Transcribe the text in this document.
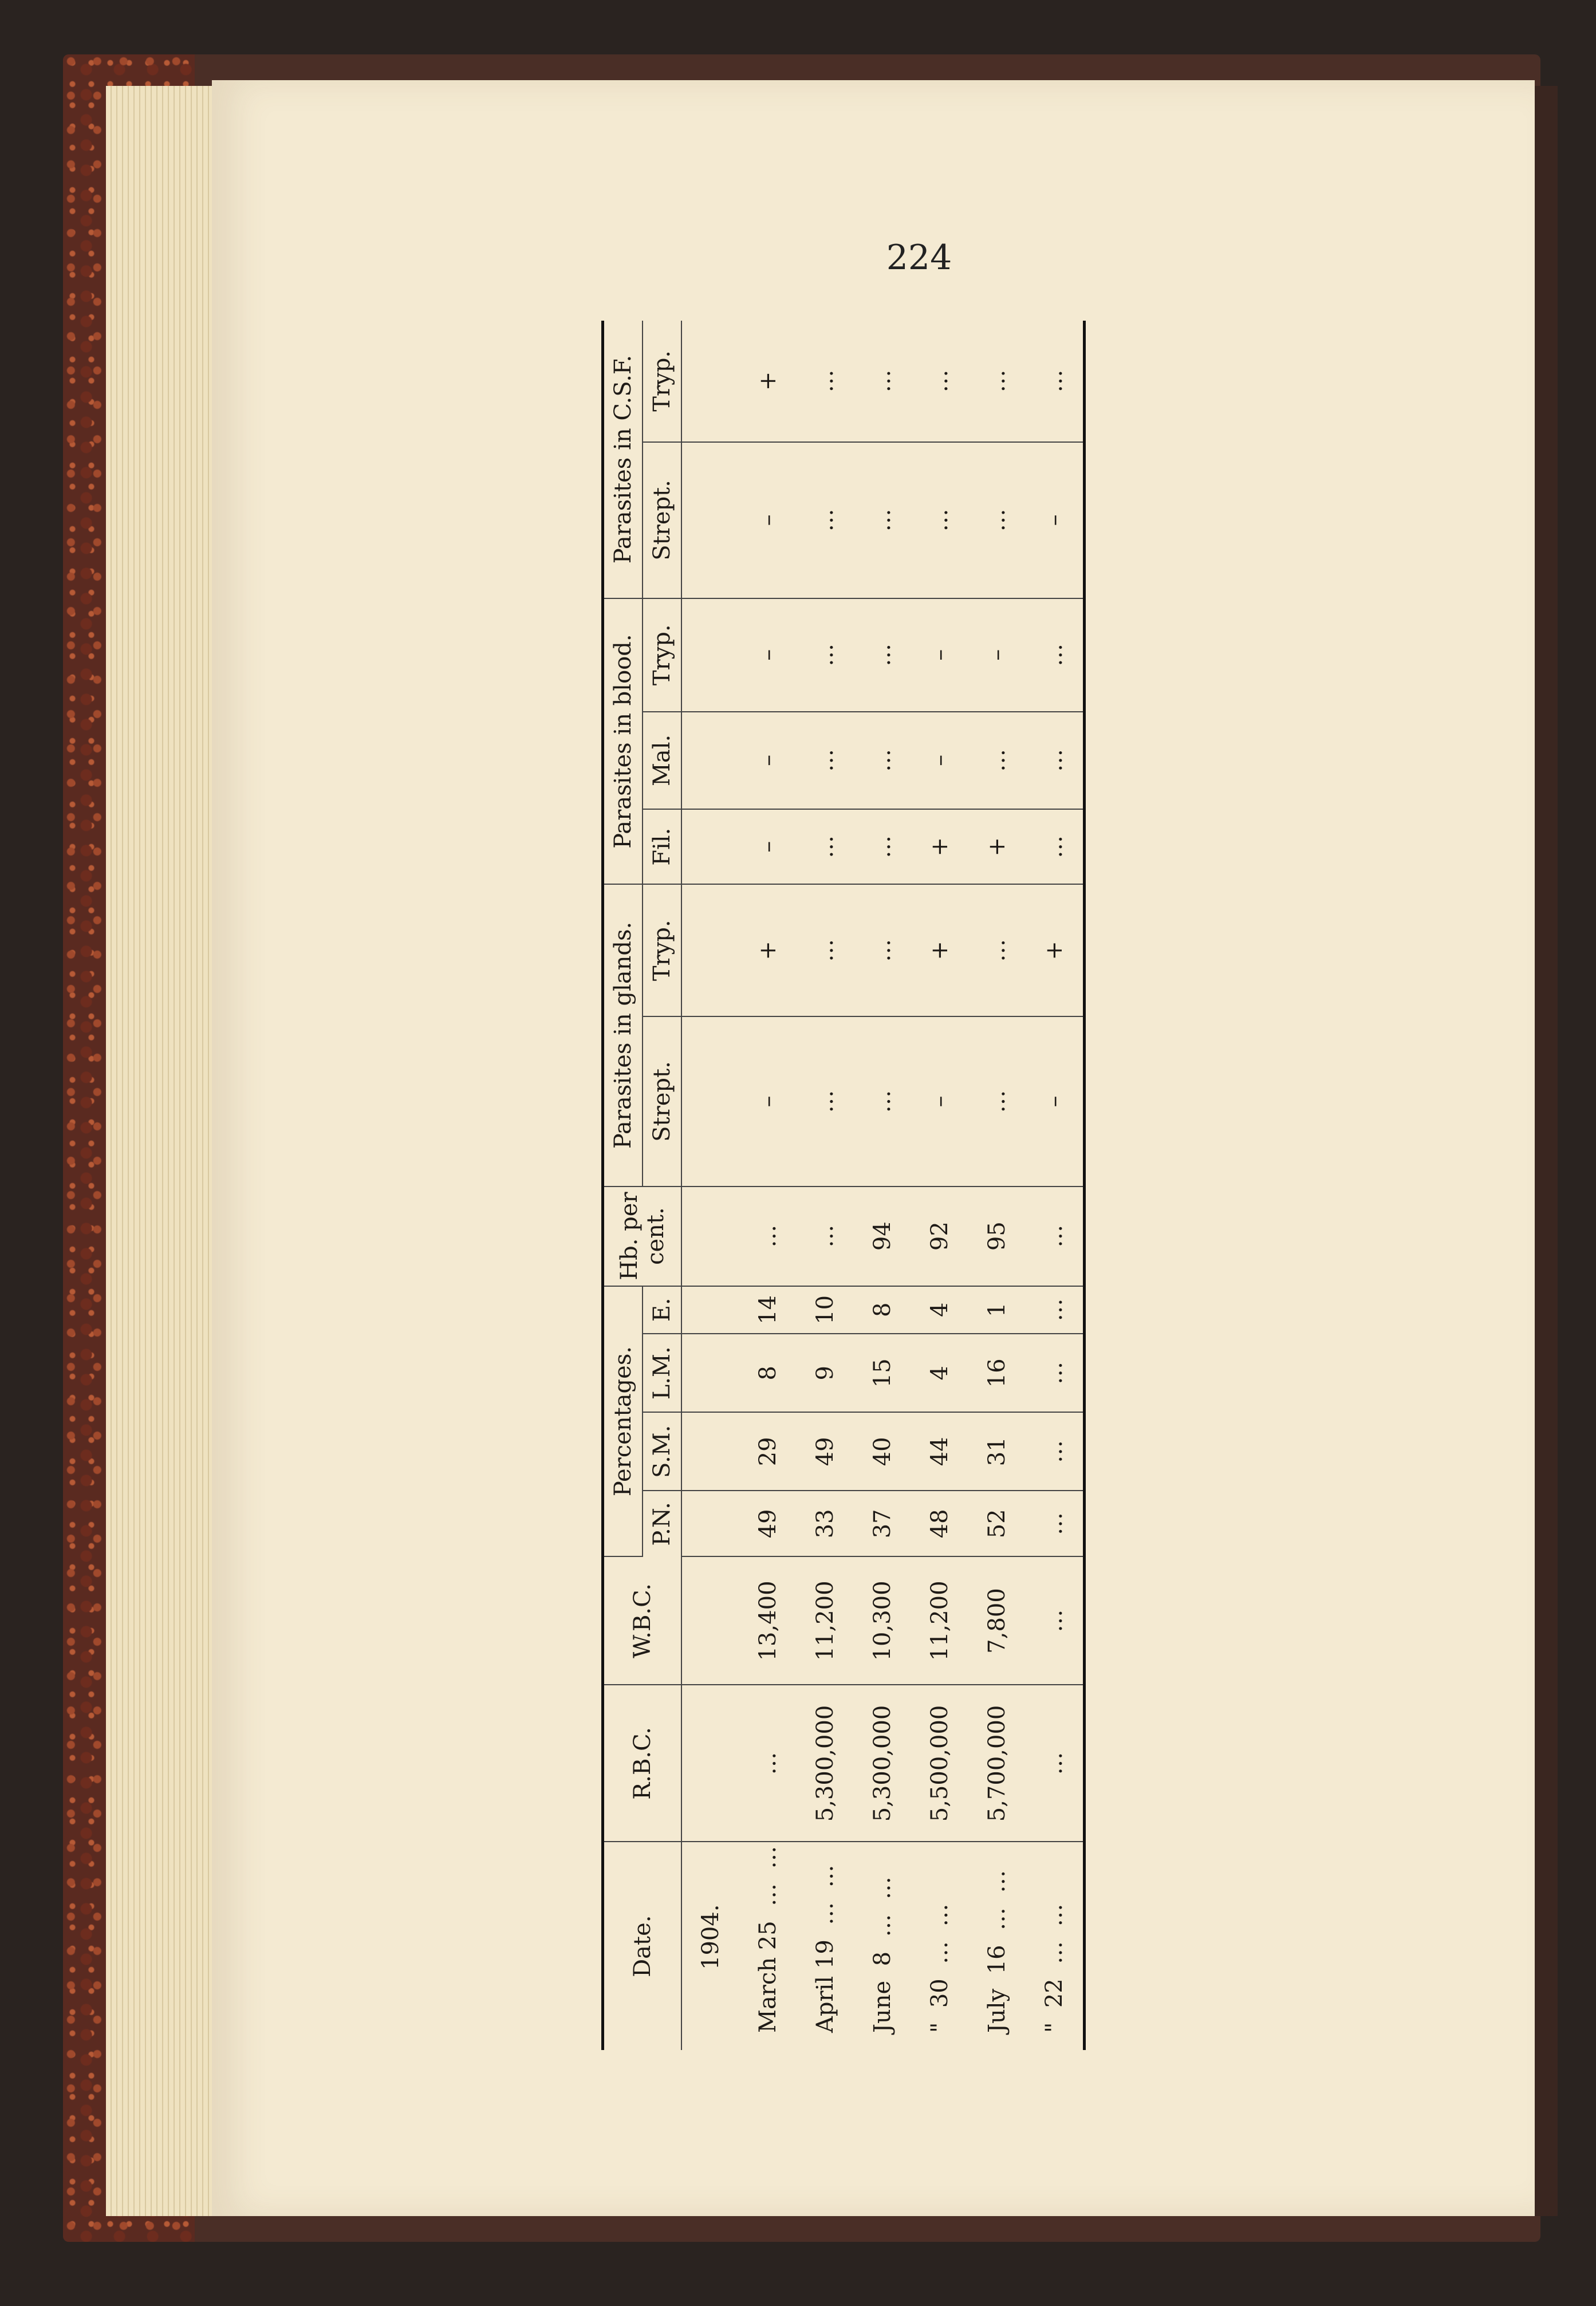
224
Date.	R.B.C.	W.B.C.	Percentages.				Hb. per cent.	Parasites in glands.		Parasites in blood.			Parasites in C.S.F.	
			P.N.	S.M.	L.M.	E.		Strept.	Tryp.	Fil.	Mal.	Tryp.	Strept.	Tryp.
1904.														
March 25  …  …	…	13,400	49	29	8	14	…	–	+	–	–	–	–	+
April 19  …  …	5,300,000	11,200	33	49	9	10	…	…	…	…	…	…	…	…
June  8  …  …	5,300,000	10,300	37	40	15	8	94	…	…	…	…	…	…	…
"  30  …  …	5,500,000	11,200	48	44	4	4	92	–	+	+	–	–	…	…
July  16  …  …	5,700,000	7,800	52	31	16	1	95	…	…	+	…	–	…	…
"  22  …  …	…	…	…	…	…	…	…	–	+	…	…	…	–	…
